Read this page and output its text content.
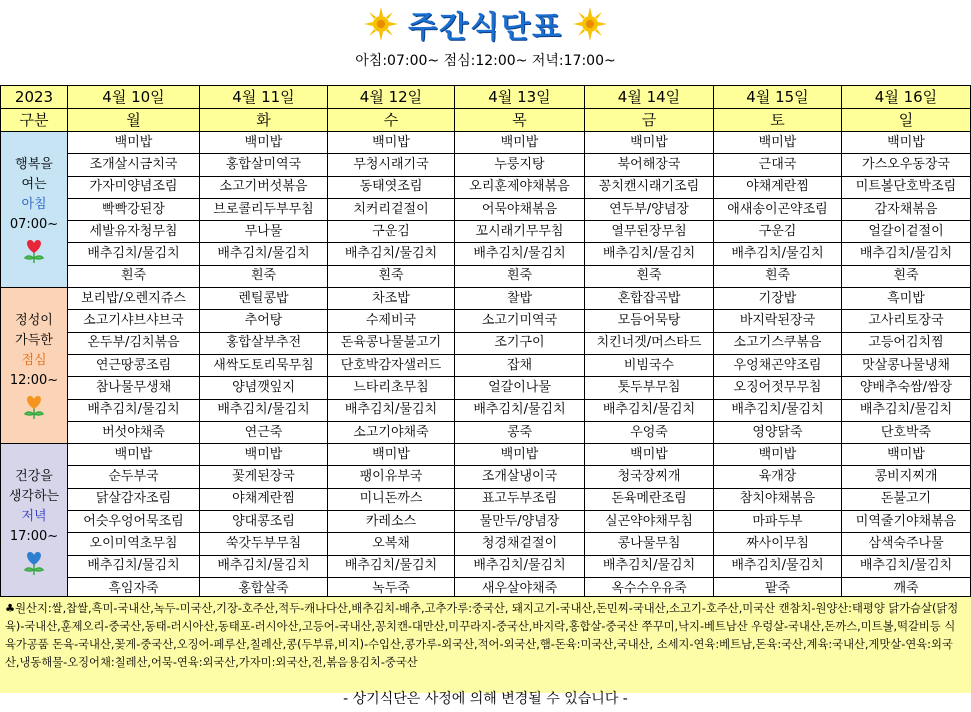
주간식단표
아침:07:00~ 점심:12:00~ 저녁:17:00~
2023	4월 10일	4월 11일	4월 12일	4월 13일	4월 14일	4월 15일	4월 16일
구분	월	화	수	목	금	토	일

행복을
여는
아침
07:00~	백미밥	백미밥	백미밥	백미밥	백미밥	백미밥	백미밥
	조개살시금치국	홍합살미역국	무청시래기국	누룽지탕	북어해장국	근대국	가스오우동장국
	가자미양념조림	소고기버섯볶음	동태엿조림	오리훈제야채볶음	꽁치캔시래기조림	야채계란찜	미트볼단호박조림
	빡빡강된장	브로콜리두부무침	치커리겉절이	어묵야채볶음	연두부/양념장	애새송이곤약조림	감자채볶음
	세발유자청무침	무나물	구운김	꼬시래기무무침	열무된장무침	구운김	얼갈이겉절이
	배추김치/물김치	배추김치/물김치	배추김치/물김치	배추김치/물김치	배추김치/물김치	배추김치/물김치	배추김치/물김치
	흰죽	흰죽	흰죽	흰죽	흰죽	흰죽	흰죽

정성이
가득한
점심
12:00~	보리밥/오렌지쥬스	렌틸콩밥	차조밥	찰밥	혼합잡곡밥	기장밥	흑미밥
	소고기샤브샤브국	추어탕	수제비국	소고기미역국	모듬어묵탕	바지락된장국	고사리토장국
	온두부/김치볶음	홍합살부추전	돈육콩나물불고기	조기구이	치킨너겟/머스타드	소고기스쿠볶음	고등어김치찜
	연근땅콩조림	새싹도토리묵무침	단호박감자샐러드	잡채	비빔국수	우엉채곤약조림	맛살콩나물냉채
	참나물무생채	양념깻잎지	느타리초무침	얼갈이나물	톳두부무침	오징어젓무무침	양배추숙쌈/쌈장
	배추김치/물김치	배추김치/물김치	배추김치/물김치	배추김치/물김치	배추김치/물김치	배추김치/물김치	배추김치/물김치
	버섯야채죽	연근죽	소고기야채죽	콩죽	우엉죽	영양닭죽	단호박죽

건강을
생각하는
저녁
17:00~	백미밥	백미밥	백미밥	백미밥	백미밥	백미밥	백미밥
	순두부국	꽃게된장국	팽이유부국	조개살냉이국	청국장찌개	육개장	콩비지찌개
	닭살감자조림	야채계란찜	미니돈까스	표고두부조림	돈육메란조림	참치야채볶음	돈불고기
	어슷우엉어묵조림	양대콩조림	카레소스	물만두/양념장	실곤약야채무침	마파두부	미역줄기야채볶음
	오이미역초무침	쑥갓두부무침	오복채	청경채겉절이	콩나물무침	짜사이무침	삼색숙주나물
	배추김치/물김치	배추김치/물김치	배추김치/물김치	배추김치/물김치	배추김치/물김치	배추김치/물김치	배추김치/물김치
	흑임자죽	홍합살죽	녹두죽	새우살야채죽	옥수수우유죽	팥죽	깨죽
♣원산지:쌀,찹쌀,흑미-국내산,녹두-미국산,기장-호주산,적두-캐나다산,배추김치-배추,고추가루:중국산, 돼지고기-국내산,돈민찌-국내산,소고기-호주산,미국산 캔참치-원양산:태평양 닭가슴살(닭정육)-국내산,훈제오리-중국산,동태-러시아산,동태포-러시아산,고등어-국내산,꽁치캔-대만산,미꾸라지-중국산,바지락,홍합살-중국산 쭈꾸미,낙지-베트남산 우렁살-국내산,돈까스,미트볼,떡갈비등 식육가공품 돈육-국내산,꽃게-중국산,오징어-페루산,칠레산,콩(두부류,비지)-수입산,콩가루-외국산,적어-외국산,햄-돈육:미국산,국내산, 소세지-연육:베트남,돈육:국산,계육:국내산,게맛살-연육:외국산,냉동해물-오징어채:칠레산,어묵-연육:외국산,가자미:외국산,전,볶음용김치-중국산
- 상기식단은 사정에 의해 변경될 수 있습니다 -
